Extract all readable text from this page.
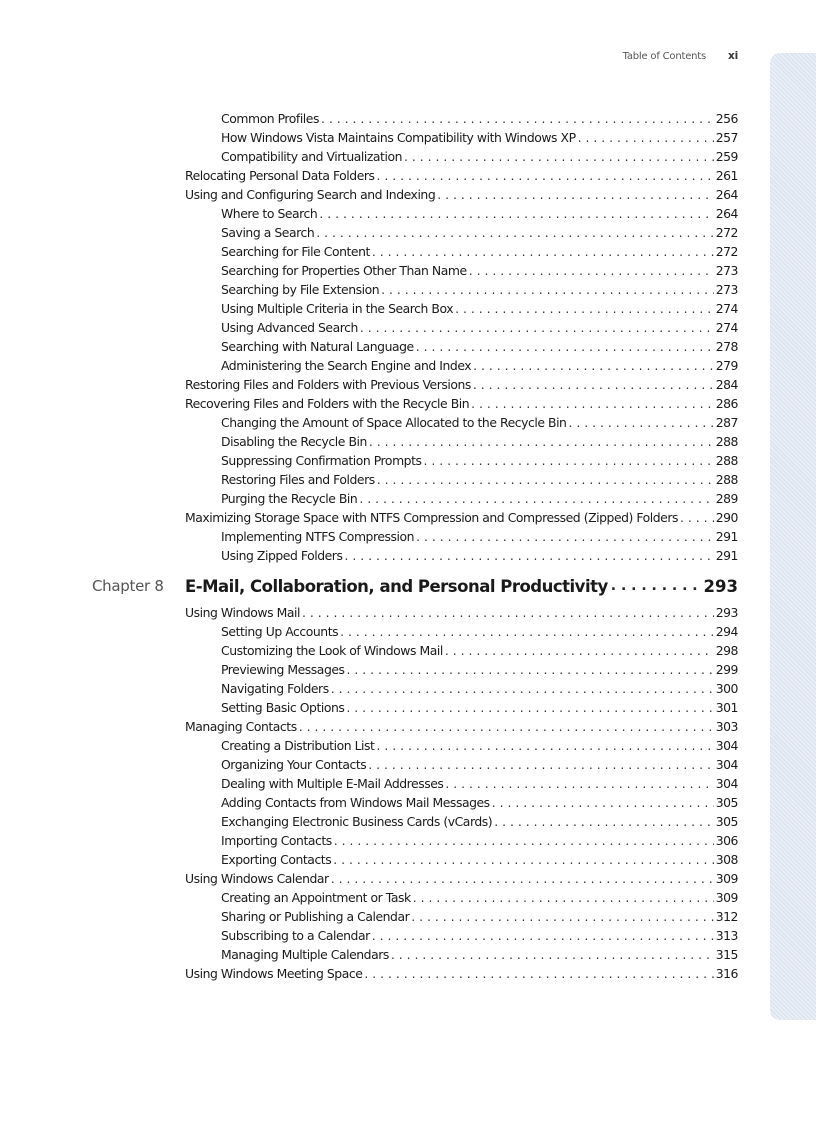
Table of Contents xi
Common Profiles . . .	256
How Windows Vista Maintains Compatibility with Windows XP . . .	257
Compatibility and Virtualization . . .	259
Relocating Personal Data Folders . . .	261
Using and Configuring Search and Indexing . . .	264
Where to Search . . .	264
Saving a Search . . .	272
Searching for File Content . . .	272
Searching for Properties Other Than Name . . .	273
Searching by File Extension . . .	273
Using Multiple Criteria in the Search Box . . .	274
Using Advanced Search . . .	274
Searching with Natural Language . . .	278
Administering the Search Engine and Index . . .	279
Restoring Files and Folders with Previous Versions . . .	284
Recovering Files and Folders with the Recycle Bin . . .	286
Changing the Amount of Space Allocated to the Recycle Bin . . .	287
Disabling the Recycle Bin . . .	288
Suppressing Confirmation Prompts . . .	288
Restoring Files and Folders . . .	288
Purging the Recycle Bin . . .	289
Maximizing Storage Space with NTFS Compression and Compressed (Zipped) Folders . . .	290
Implementing NTFS Compression . . .	291
Using Zipped Folders . . .	291
Chapter 8 E-Mail, Collaboration, and Personal Productivity . . .	293
Using Windows Mail . . .	293
Setting Up Accounts . . .	294
Customizing the Look of Windows Mail . . .	298
Previewing Messages . . .	299
Navigating Folders . . .	300
Setting Basic Options . . .	301
Managing Contacts . . .	303
Creating a Distribution List . . .	304
Organizing Your Contacts . . .	304
Dealing with Multiple E-Mail Addresses . . .	304
Adding Contacts from Windows Mail Messages . . .	305
Exchanging Electronic Business Cards (vCards) . . .	305
Importing Contacts . . .	306
Exporting Contacts . . .	308
Using Windows Calendar . . .	309
Creating an Appointment or Task . . .	309
Sharing or Publishing a Calendar . . .	312
Subscribing to a Calendar . . .	313
Managing Multiple Calendars . . .	315
Using Windows Meeting Space . . .	316
